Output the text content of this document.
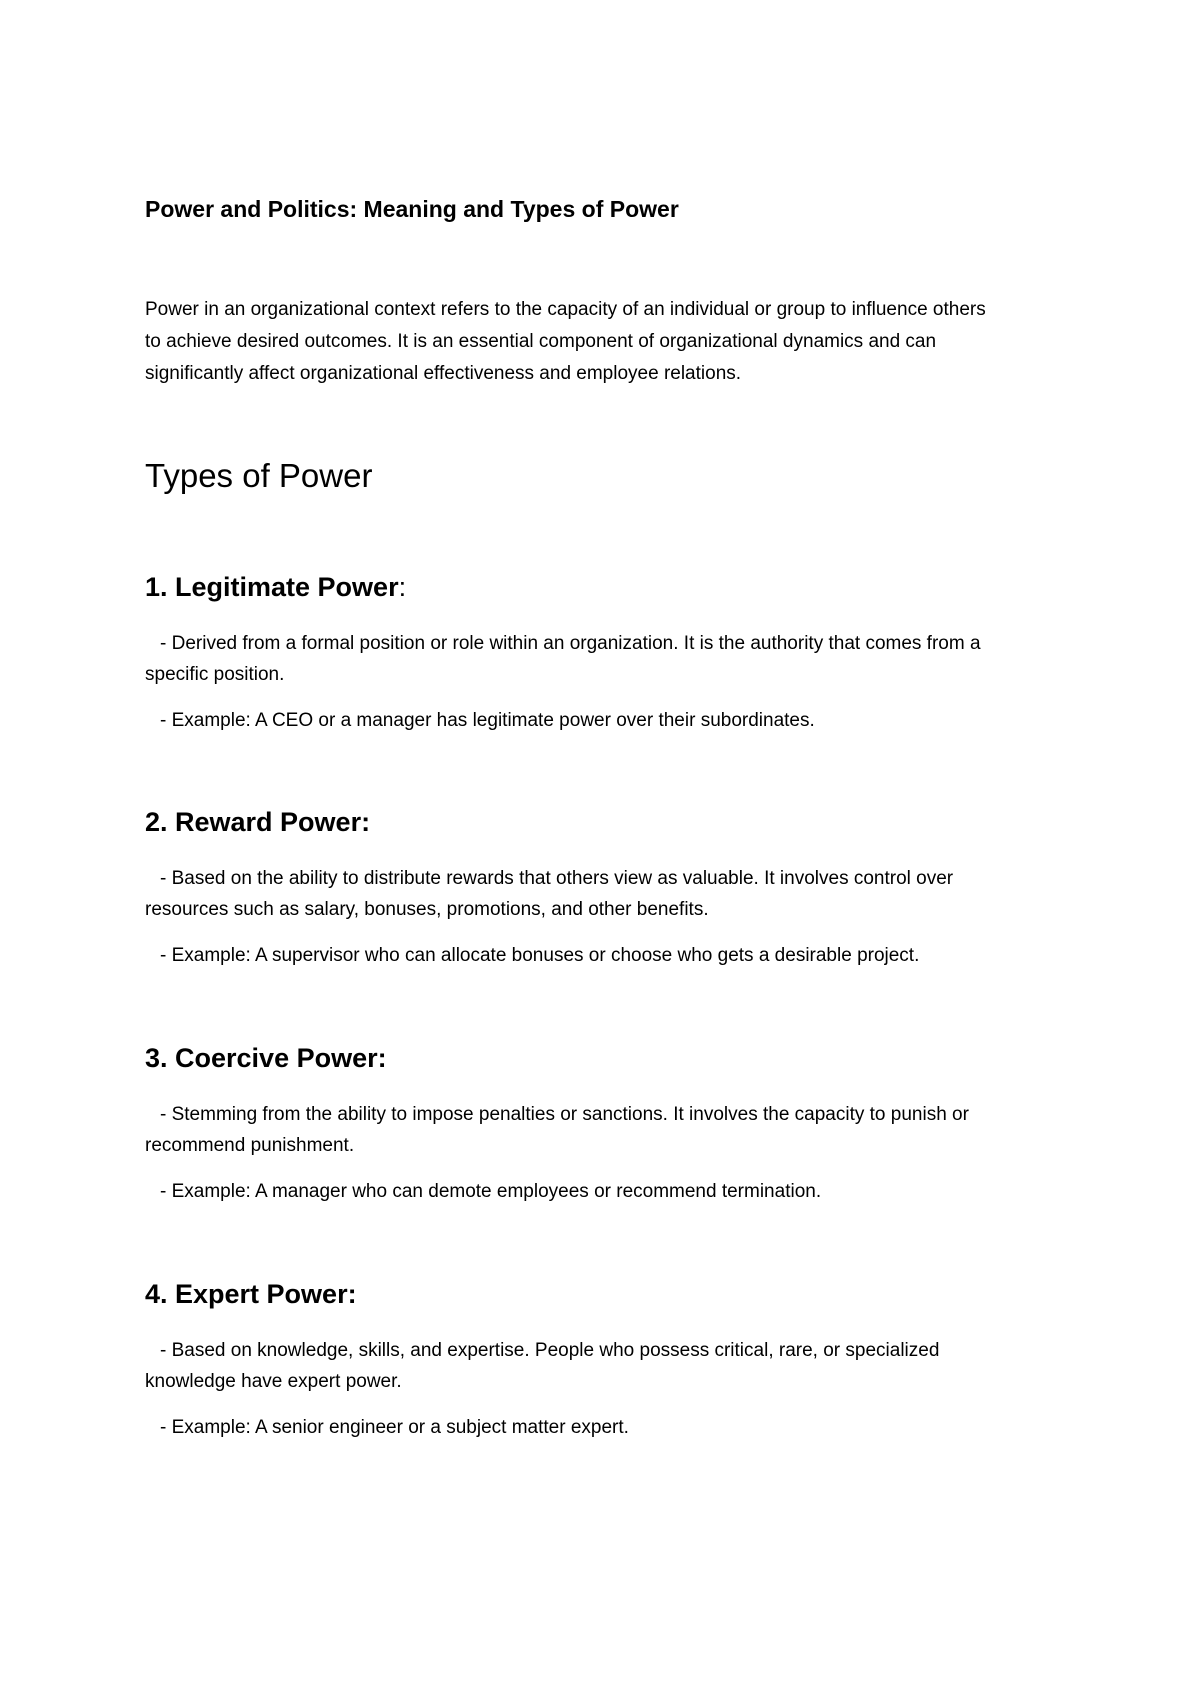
Power and Politics: Meaning and Types of Power
Power in an organizational context refers to the capacity of an individual or group to influence others
to achieve desired outcomes. It is an essential component of organizational dynamics and can
significantly affect organizational effectiveness and employee relations.
Types of Power
1. Legitimate Power:
- Derived from a formal position or role within an organization. It is the authority that comes from a
specific position.
- Example: A CEO or a manager has legitimate power over their subordinates.
2. Reward Power:
- Based on the ability to distribute rewards that others view as valuable. It involves control over
resources such as salary, bonuses, promotions, and other benefits.
- Example: A supervisor who can allocate bonuses or choose who gets a desirable project.
3. Coercive Power:
- Stemming from the ability to impose penalties or sanctions. It involves the capacity to punish or
recommend punishment.
- Example: A manager who can demote employees or recommend termination.
4. Expert Power:
- Based on knowledge, skills, and expertise. People who possess critical, rare, or specialized
knowledge have expert power.
- Example: A senior engineer or a subject matter expert.
